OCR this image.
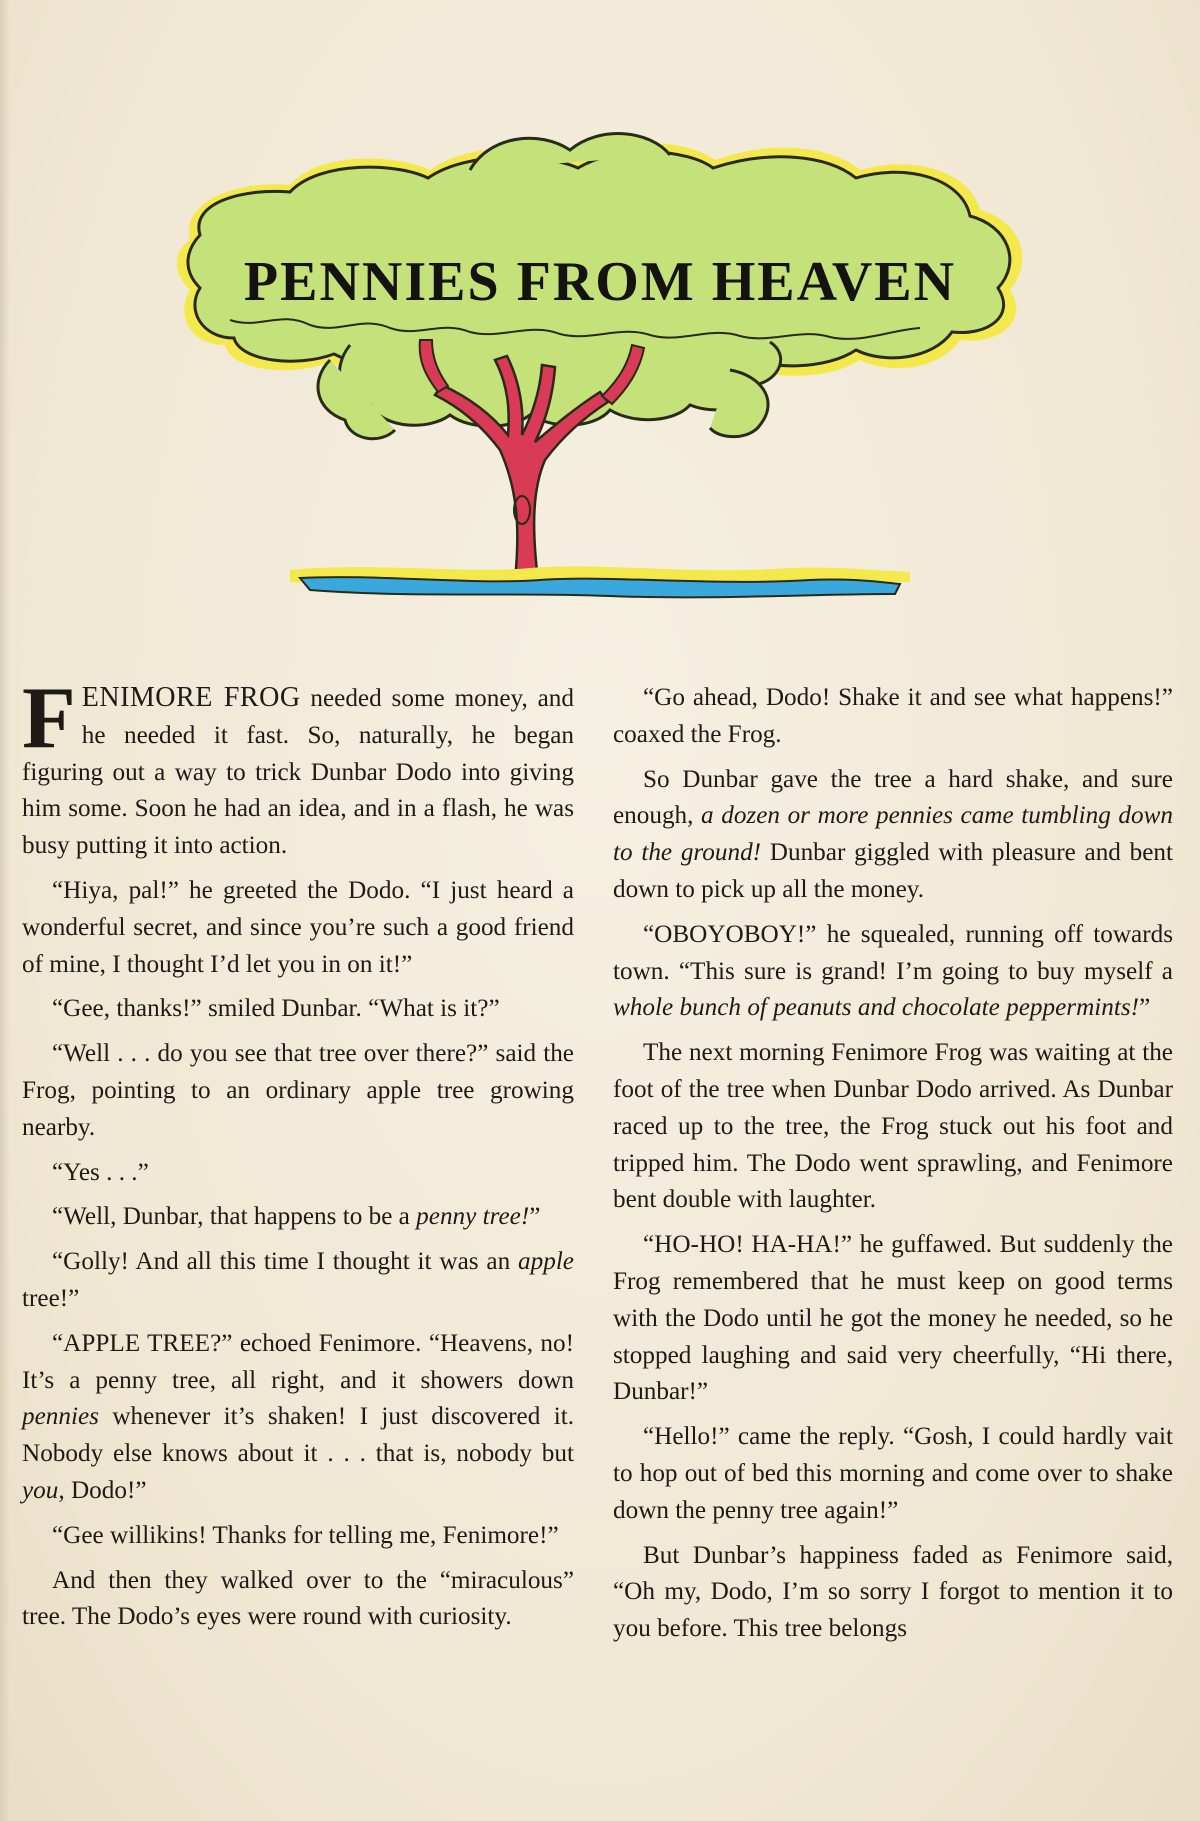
PENNIES FROM HEAVEN

FENIMORE FROG needed some money, and he needed it fast. So, naturally, he began figuring out a way to trick Dunbar Dodo into giving him some. Soon he had an idea, and in a flash, he was busy putting it into action.

“Hiya, pal!” he greeted the Dodo. “I just heard a wonderful secret, and since you’re such a good friend of mine, I thought I’d let you in on it!”

“Gee, thanks!” smiled Dunbar. “What is it?”

“Well . . . do you see that tree over there?” said the Frog, pointing to an ordinary apple tree growing nearby.

“Yes . . .”

“Well, Dunbar, that happens to be a penny tree!”

“Golly! And all this time I thought it was an apple tree!”

“APPLE TREE?” echoed Fenimore. “Heavens, no! It’s a penny tree, all right, and it showers down pennies whenever it’s shaken! I just discovered it. Nobody else knows about it . . . that is, nobody but you, Dodo!”

“Gee willikins! Thanks for telling me, Fenimore!”

And then they walked over to the “miraculous” tree. The Dodo’s eyes were round with curiosity.

“Go ahead, Dodo! Shake it and see what happens!” coaxed the Frog.

So Dunbar gave the tree a hard shake, and sure enough, a dozen or more pennies came tumbling down to the ground! Dunbar giggled with pleasure and bent down to pick up all the money.

“OBOYOBOY!” he squealed, running off towards town. “This sure is grand! I’m going to buy myself a whole bunch of peanuts and chocolate peppermints!”

The next morning Fenimore Frog was waiting at the foot of the tree when Dunbar Dodo arrived. As Dunbar raced up to the tree, the Frog stuck out his foot and tripped him. The Dodo went sprawling, and Fenimore bent double with laughter.

“HO-HO! HA-HA!” he guffawed. But suddenly the Frog remembered that he must keep on good terms with the Dodo until he got the money he needed, so he stopped laughing and said very cheerfully, “Hi there, Dunbar!”

“Hello!” came the reply. “Gosh, I could hardly vait to hop out of bed this morning and come over to shake down the penny tree again!”

But Dunbar’s happiness faded as Fenimore said, “Oh my, Dodo, I’m so sorry I forgot to mention it to you before. This tree belongs
